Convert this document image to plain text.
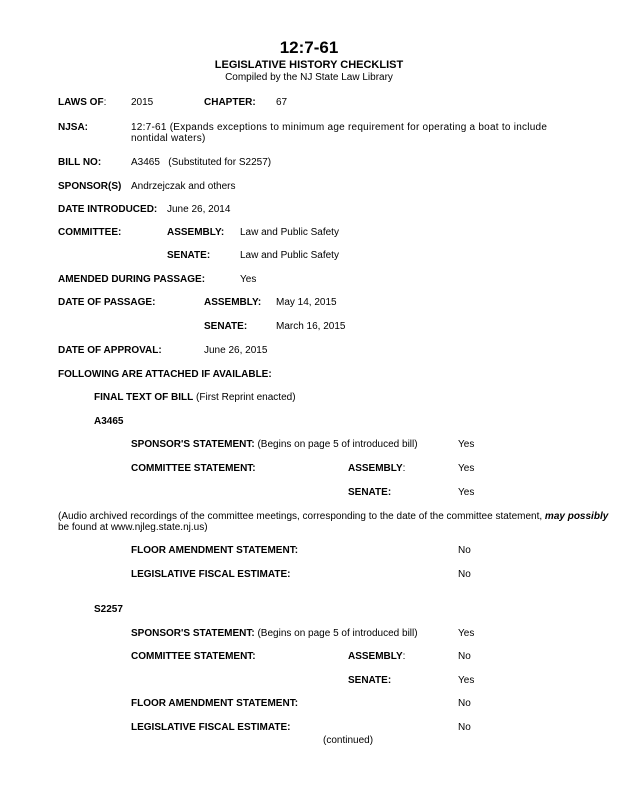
12:7-61
LEGISLATIVE HISTORY CHECKLIST
Compiled by the NJ State Law Library
LAWS OF: 2015	CHAPTER: 67
NJSA:	12:7-61 (Expands exceptions to minimum age requirement for operating a boat to include
nontidal waters)
BILL NO:	A3465   (Substituted for S2257)
SPONSOR(S) Andrzejczak and others
DATE INTRODUCED: June 26, 2014
COMMITTEE:	ASSEMBLY: Law and Public Safety
SENATE:	Law and Public Safety
AMENDED DURING PASSAGE:	Yes
DATE OF PASSAGE:	ASSEMBLY: May 14, 2015
SENATE:	March 16, 2015
DATE OF APPROVAL:	June 26, 2015
FOLLOWING ARE ATTACHED IF AVAILABLE:
FINAL TEXT OF BILL (First Reprint enacted)
A3465
SPONSOR'S STATEMENT: (Begins on page 5 of introduced bill)	Yes
COMMITTEE STATEMENT:	ASSEMBLY:	Yes
SENATE:	Yes
(Audio archived recordings of the committee meetings, corresponding to the date of the committee statement, may possibly
be found at www.njleg.state.nj.us)
FLOOR AMENDMENT STATEMENT:	No
LEGISLATIVE FISCAL ESTIMATE:	No
S2257
SPONSOR'S STATEMENT: (Begins on page 5 of introduced bill)	Yes
COMMITTEE STATEMENT:	ASSEMBLY:	No
SENATE:	Yes
FLOOR AMENDMENT STATEMENT:	No
LEGISLATIVE FISCAL ESTIMATE:	No
(continued)
